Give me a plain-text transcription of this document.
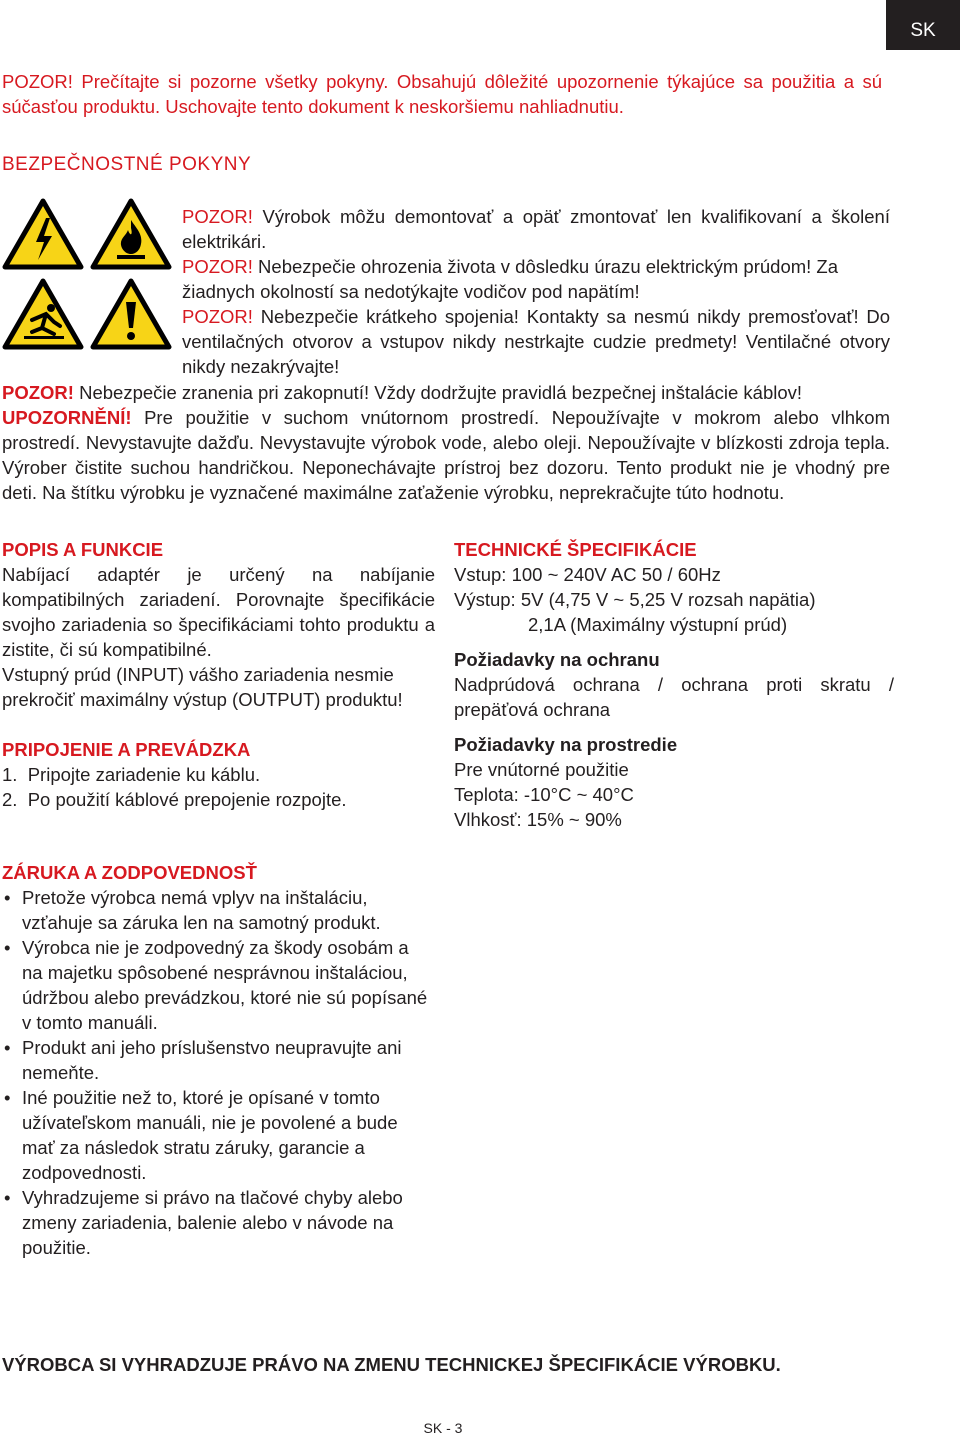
SK

POZOR! Prečítajte si pozorne všetky pokyny. Obsahujú dôležité upozornenie týkajúce sa použitia a sú súčasťou produktu. Uschovajte tento dokument k neskoršiemu nahliadnutiu.

BEZPEČNOSTNÉ POKYNY

POZOR! Výrobok môžu demontovať a opäť zmontovať len kvalifikovaní a školení elektrikári.

POZOR! Nebezpečie ohrozenia života v dôsledku úrazu elektrickým prúdom! Za žiadnych okolností sa nedotýkajte vodičov pod napätím!

POZOR! Nebezpečie krátkeho spojenia! Kontakty sa nesmú nikdy premosťovať! Do ventilačných otvorov a vstupov nikdy nestrkajte cudzie predmety! Ventilačné otvory nikdy nezakrývajte!

POZOR! Nebezpečie zranenia pri zakopnutí! Vždy dodržujte pravidlá bezpečnej inštalácie káblov!

UPOZORNĚNÍ! Pre použitie v suchom vnútornom prostredí. Nepoužívajte v mokrom alebo vlhkom prostredí. Nevystavujte dažďu. Nevystavujte výrobok vode, alebo oleji. Nepoužívajte v blízkosti zdroja tepla. Výrober čistite suchou handričkou. Neponechávajte prístroj bez dozoru. Tento produkt nie je vhodný pre deti. Na štítku výrobku je vyznačené maximálne zaťaženie výrobku, neprekračujte túto hodnotu.

POPIS A FUNKCIE

Nabíjací adaptér je určený na nabíjanie kompatibilných zariadení. Porovnajte špecifikácie svojho zariadenia so špecifikáciami tohto produktu a zistite, či sú kompatibilné.

Vstupný prúd (INPUT) vášho zariadenia nesmie prekročiť maximálny výstup (OUTPUT) produktu!

PRIPOJENIE A PREVÁDZKA

1.  Pripojte zariadenie ku káblu.
2.  Po použití káblové prepojenie rozpojte.

TECHNICKÉ ŠPECIFIKÁCIE

Vstup: 100 ~ 240V AC 50 / 60Hz

Výstup: 5V (4,75 V ~ 5,25 V rozsah napätia)

2,1A (Maximálny výstupní prúd)

Požiadavky na ochranu

Nadprúdová ochrana / ochrana proti skratu / prepäťová ochrana

Požiadavky na prostredie

Pre vnútorné použitie

Teplota: -10°C ~ 40°C

Vlhkosť: 15% ~ 90%

ZÁRUKA A ZODPOVEDNOSŤ

• Pretože výrobca nemá vplyv na inštaláciu, vzťahuje sa záruka len na samotný produkt.
• Výrobca nie je zodpovedný za škody osobám a na majetku spôsobené nesprávnou inštaláciou, údržbou alebo prevádzkou, ktoré nie sú popísané v tomto manuáli.
• Produkt ani jeho príslušenstvo neupravujte ani nemeňte.
• Iné použitie než to, ktoré je opísané v tomto užívateľskom manuáli, nie je povolené a bude mať za následok stratu záruky, garancie a zodpovednosti.
• Vyhradzujeme si právo na tlačové chyby alebo zmeny zariadenia, balenie alebo v návode na použitie.
VÝROBCA SI VYHRADZUJE PRÁVO NA ZMENU TECHNICKEJ ŠPECIFIKÁCIE VÝROBKU.
SK - 3
